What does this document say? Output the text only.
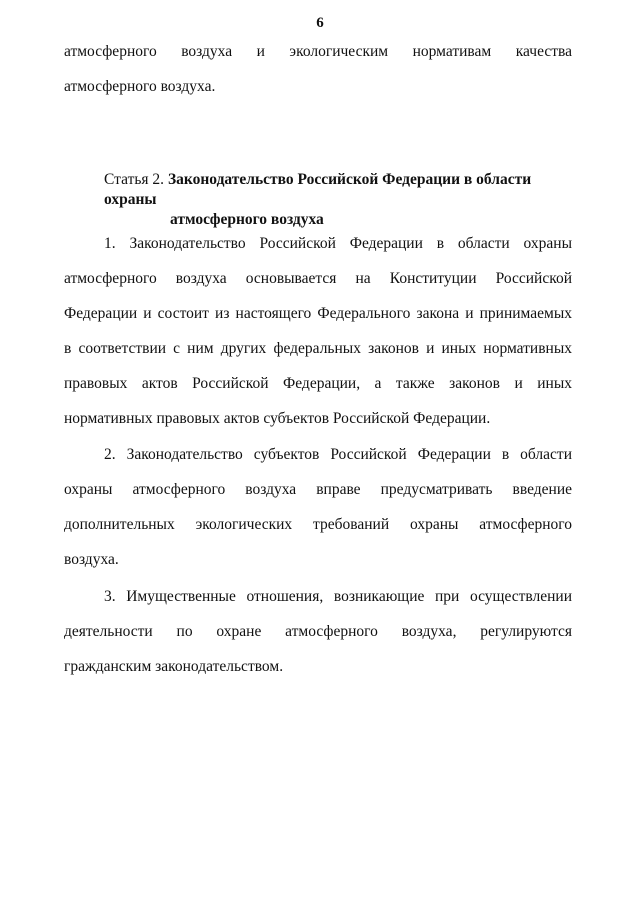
6
атмосферного воздуха и экологическим нормативам качества
атмосферного воздуха.
Статья 2. Законодательство Российской Федерации в области охраны
атмосферного воздуха
1. Законодательство Российской Федерации в области охраны
атмосферного воздуха основывается на Конституции Российской
Федерации и состоит из настоящего Федерального закона и принимаемых
в соответствии с ним других федеральных законов и иных нормативных
правовых актов Российской Федерации, а также законов и иных
нормативных правовых актов субъектов Российской Федерации.
2. Законодательство субъектов Российской Федерации в области
охраны атмосферного воздуха вправе предусматривать введение
дополнительных экологических требований охраны атмосферного
воздуха.
3. Имущественные отношения, возникающие при осуществлении
деятельности по охране атмосферного воздуха, регулируются
гражданским законодательством.
